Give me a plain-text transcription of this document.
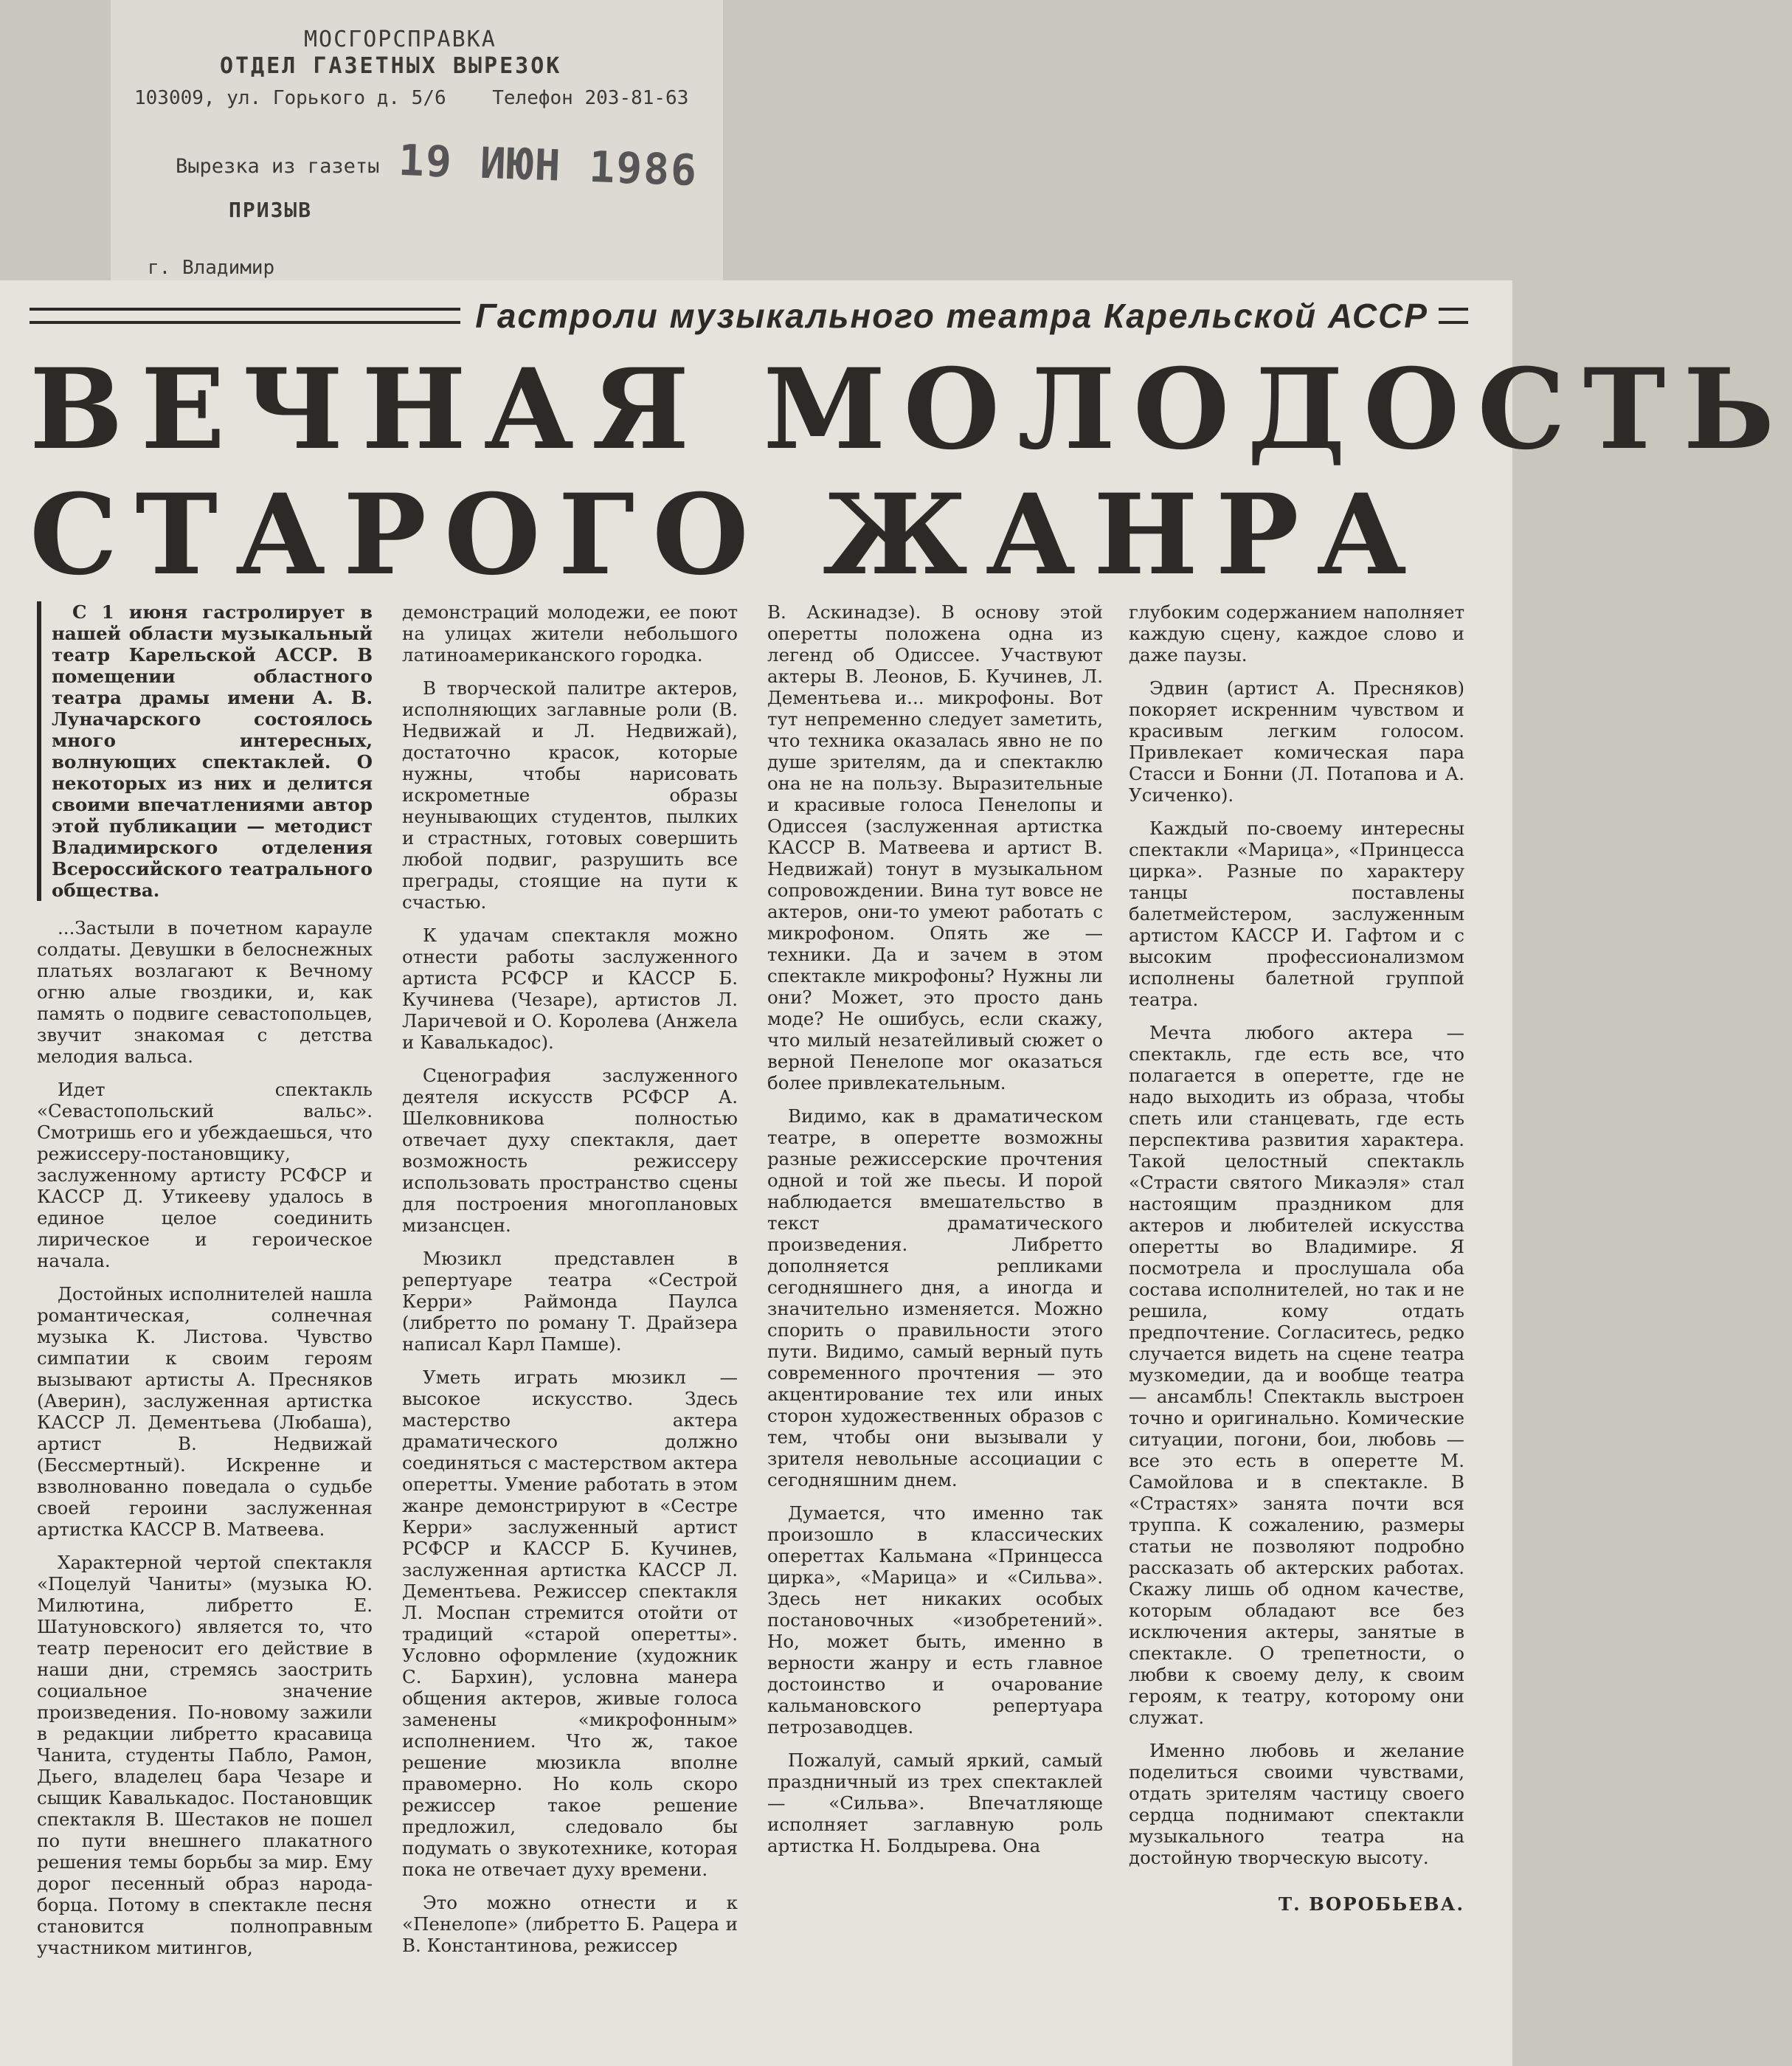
МОСГОРСПРАВКА
ОТДЕЛ ГАЗЕТНЫХ ВЫРЕЗОК
103009, ул. Горького д. 5/6    Телефон 203-81-63
Вырезка из газеты 19 ИЮН 1986
ПРИЗЫВ
г. Владимир
Гастроли музыкального театра Карельской АССР
ВЕЧНАЯ МОЛОДОСТЬ
СТАРОГО ЖАНРА

С 1 июня гастролирует в нашей области музыкальный театр Карельской АССР. В помещении областного театра драмы имени А. В. Луначарского состоялось много интересных, волнующих спектаклей. О некоторых из них и делится своими впечатлениями автор этой публикации — методист Владимирского отделения Всероссийского театрального общества.

...Застыли в почетном карауле солдаты. Девушки в белоснежных платьях возлагают к Вечному огню алые гвоздики, и, как память о подвиге севастопольцев, звучит знакомая с детства мелодия вальса.

Идет спектакль «Севастопольский вальс». Смотришь его и убеждаешься, что режиссеру-постановщику, заслуженному артисту РСФСР и КАССР Д. Утикееву удалось в единое целое соединить лирическое и героическое начала.

Достойных исполнителей нашла романтическая, солнечная музыка К. Листова. Чувство симпатии к своим героям вызывают артисты А. Пресняков (Аверин), заслуженная артистка КАССР Л. Дементьева (Любаша), артист В. Недвижай (Бессмертный). Искренне и взволнованно поведала о судьбе своей героини заслуженная артистка КАССР В. Матвеева.

Характерной чертой спектакля «Поцелуй Чаниты» (музыка Ю. Милютина, либретто Е. Шатуновского) является то, что театр переносит его действие в наши дни, стремясь заострить социальное значение произведения. По-новому зажили в редакции либретто красавица Чанита, студенты Пабло, Рамон, Дьего, владелец бара Чезаре и сыщик Кавалькадос. Постановщик спектакля В. Шестаков не пошел по пути внешнего плакатного решения темы борьбы за мир. Ему дорог песенный образ народа-борца. Потому в спектакле песня становится полноправным участником митингов,

демонстраций молодежи, ее поют на улицах жители небольшого латиноамериканского городка.

В творческой палитре актеров, исполняющих заглавные роли (В. Недвижай и Л. Недвижай), достаточно красок, которые нужны, чтобы нарисовать искрометные образы неунывающих студентов, пылких и страстных, готовых совершить любой подвиг, разрушить все преграды, стоящие на пути к счастью.

К удачам спектакля можно отнести работы заслуженного артиста РСФСР и КАССР Б. Кучинева (Чезаре), артистов Л. Ларичевой и О. Королева (Анжела и Кавалькадос).

Сценография заслуженного деятеля искусств РСФСР А. Шелковникова полностью отвечает духу спектакля, дает возможность режиссеру использовать пространство сцены для построения многоплановых мизансцен.

Мюзикл представлен в репертуаре театра «Сестрой Керри» Раймонда Паулса (либретто по роману Т. Драйзера написал Карл Памше).

Уметь играть мюзикл — высокое искусство. Здесь мастерство актера драматического должно соединяться с мастерством актера оперетты. Умение работать в этом жанре демонстрируют в «Сестре Керри» заслуженный артист РСФСР и КАССР Б. Кучинев, заслуженная артистка КАССР Л. Дементьева. Режиссер спектакля Л. Моспан стремится отойти от традиций «старой оперетты». Условно оформление (художник С. Бархин), условна манера общения актеров, живые голоса заменены «микрофонным» исполнением. Что ж, такое решение мюзикла вполне правомерно. Но коль скоро режиссер такое решение предложил, следовало бы подумать о звукотехнике, которая пока не отвечает духу времени.

Это можно отнести и к «Пенелопе» (либретто Б. Рацера и В. Константинова, режиссер

В. Аскинадзе). В основу этой оперетты положена одна из легенд об Одиссее. Участвуют актеры В. Леонов, Б. Кучинев, Л. Дементьева и... микрофоны. Вот тут непременно следует заметить, что техника оказалась явно не по душе зрителям, да и спектаклю она не на пользу. Выразительные и красивые голоса Пенелопы и Одиссея (заслуженная артистка КАССР В. Матвеева и артист В. Недвижай) тонут в музыкальном сопровождении. Вина тут вовсе не актеров, они-то умеют работать с микрофоном. Опять же — техники. Да и зачем в этом спектакле микрофоны? Нужны ли они? Может, это просто дань моде? Не ошибусь, если скажу, что милый незатейливый сюжет о верной Пенелопе мог оказаться более привлекательным.

Видимо, как в драматическом театре, в оперетте возможны разные режиссерские прочтения одной и той же пьесы. И порой наблюдается вмешательство в текст драматического произведения. Либретто дополняется репликами сегодняшнего дня, а иногда и значительно изменяется. Можно спорить о правильности этого пути. Видимо, самый верный путь современного прочтения — это акцентирование тех или иных сторон художественных образов с тем, чтобы они вызывали у зрителя невольные ассоциации с сегодняшним днем.

Думается, что именно так произошло в классических опереттах Кальмана «Принцесса цирка», «Марица» и «Сильва». Здесь нет никаких особых постановочных «изобретений». Но, может быть, именно в верности жанру и есть главное достоинство и очарование кальмановского репертуара петрозаводцев.

Пожалуй, самый яркий, самый праздничный из трех спектаклей — «Сильва». Впечатляюще исполняет заглавную роль артистка Н. Болдырева. Она

глубоким содержанием наполняет каждую сцену, каждое слово и даже паузы.

Эдвин (артист А. Пресняков) покоряет искренним чувством и красивым легким голосом. Привлекает комическая пара Стасси и Бонни (Л. Потапова и А. Усиченко).

Каждый по-своему интересны спектакли «Марица», «Принцесса цирка». Разные по характеру танцы поставлены балетмейстером, заслуженным артистом КАССР И. Гафтом и с высоким профессионализмом исполнены балетной группой театра.

Мечта любого актера — спектакль, где есть все, что полагается в оперетте, где не надо выходить из образа, чтобы спеть или станцевать, где есть перспектива развития характера. Такой целостный спектакль «Страсти святого Микаэля» стал настоящим праздником для актеров и любителей искусства оперетты во Владимире. Я посмотрела и прослушала оба состава исполнителей, но так и не решила, кому отдать предпочтение. Согласитесь, редко случается видеть на сцене театра музкомедии, да и вообще театра — ансамбль! Спектакль выстроен точно и оригинально. Комические ситуации, погони, бои, любовь — все это есть в оперетте М. Самойлова и в спектакле. В «Страстях» занята почти вся труппа. К сожалению, размеры статьи не позволяют подробно рассказать об актерских работах. Скажу лишь об одном качестве, которым обладают все без исключения актеры, занятые в спектакле. О трепетности, о любви к своему делу, к своим героям, к театру, которому они служат.

Именно любовь и желание поделиться своими чувствами, отдать зрителям частицу своего сердца поднимают спектакли музыкального театра на достойную творческую высоту.

Т. ВОРОБЬЕВА.
